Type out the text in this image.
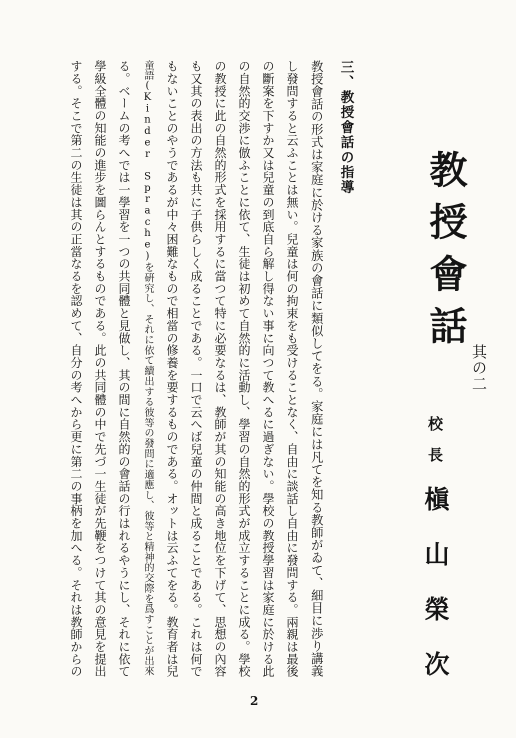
教授會話
其の二
校長
槇山榮次
三、教授會話の指導
教授會話の形式は家庭に於ける家族の會話に類似してをる。家庭には凡てを知る教師がゐて、細目に渉り講義
し發問すると云ふことは無い。兒童は何の拘束をも受けることなく、自由に談話し自由に發問する。兩親は最後
の斷案を下すか又は兒童の到底自ら解し得ない事に向つて教へるに過ぎない。學校の教授學習は家庭に於ける此
の自然的交渉に倣ふことに依て、生徒は初めて自然的に活動し、學習の自然的形式が成立することに成る。學校
の教授に此の自然的形式を採用するに當つて特に必要なるは、教師が其の知能の高き地位を下げて、思想の內容
も又其の表出の方法も共に子供らしく成ることである。一口で云へば兒童の仲間と成ることである。これは何で
もないことのやうであるが中々困難なもので相當の修養を要するものである。オットは云ふてをる。教育者は兒
童語(Kinder Sprache)を硏究し、それに依て續出する彼等の發問に適應し、彼等と精神的交際を爲すことが出來
る。ベームの考へでは一學習を一つの共同體と見做し、其の間に自然的の會話の行はれるやうにし、それに依て
學級全體の知能の進步を圖らんとするものである。此の共同體の中で先づ一生徒が先鞭をつけて其の意見を提出
する。そこで第二の生徒は其の正當なるを認めて、自分の考へから更に第二の事柄を加へる。それは教師からの
2
